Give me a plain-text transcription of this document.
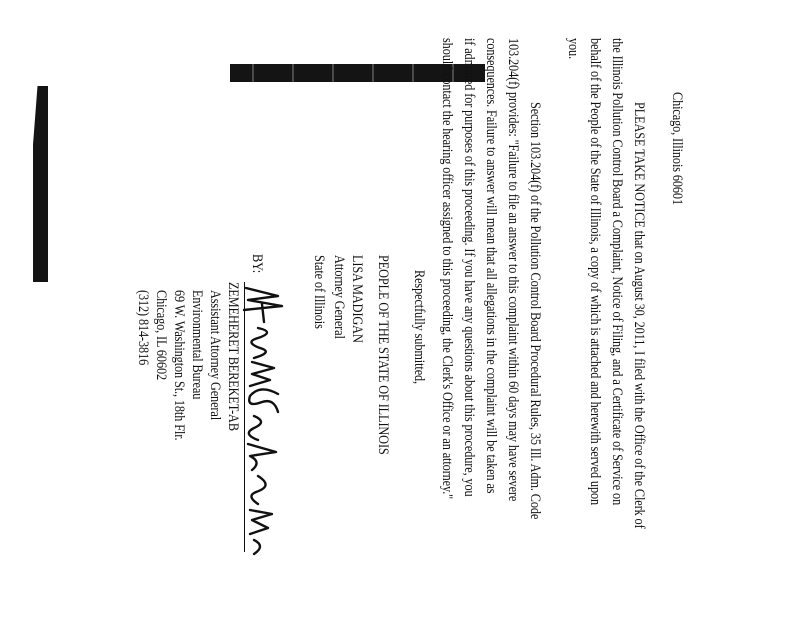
Chicago, Illinois 60601
PLEASE TAKE NOTICE that on August 30, 2011, I filed with the Office of the Clerk of
the Illinois Pollution Control Board a Complaint, Notice of Filing, and a Certificate of Service on
behalf of the People of the State of Illinois, a copy of which is attached and herewith served upon
you.
Section 103.204(f) of the Pollution Control Board Procedural Rules, 35 Ill. Adm. Code
103.204(f) provides: "Failure to file an answer to this complaint within 60 days may have severe
consequences. Failure to answer will mean that all allegations in the complaint will be taken as
if admitted for purposes of this proceeding. If you have any questions about this procedure, you
should contact the hearing officer assigned to this proceeding, the Clerk's Office or an attorney."
Respectfully submitted,
PEOPLE OF THE STATE OF ILLINOIS
LISA MADIGAN
Attorney General
State of Illinois
BY:
ZEMEHERET BEREKET-AB
Assistant Attorney General
Environmental Bureau
69 W. Washington St., 18th Flr.
Chicago, IL 60602
(312) 814-3816
